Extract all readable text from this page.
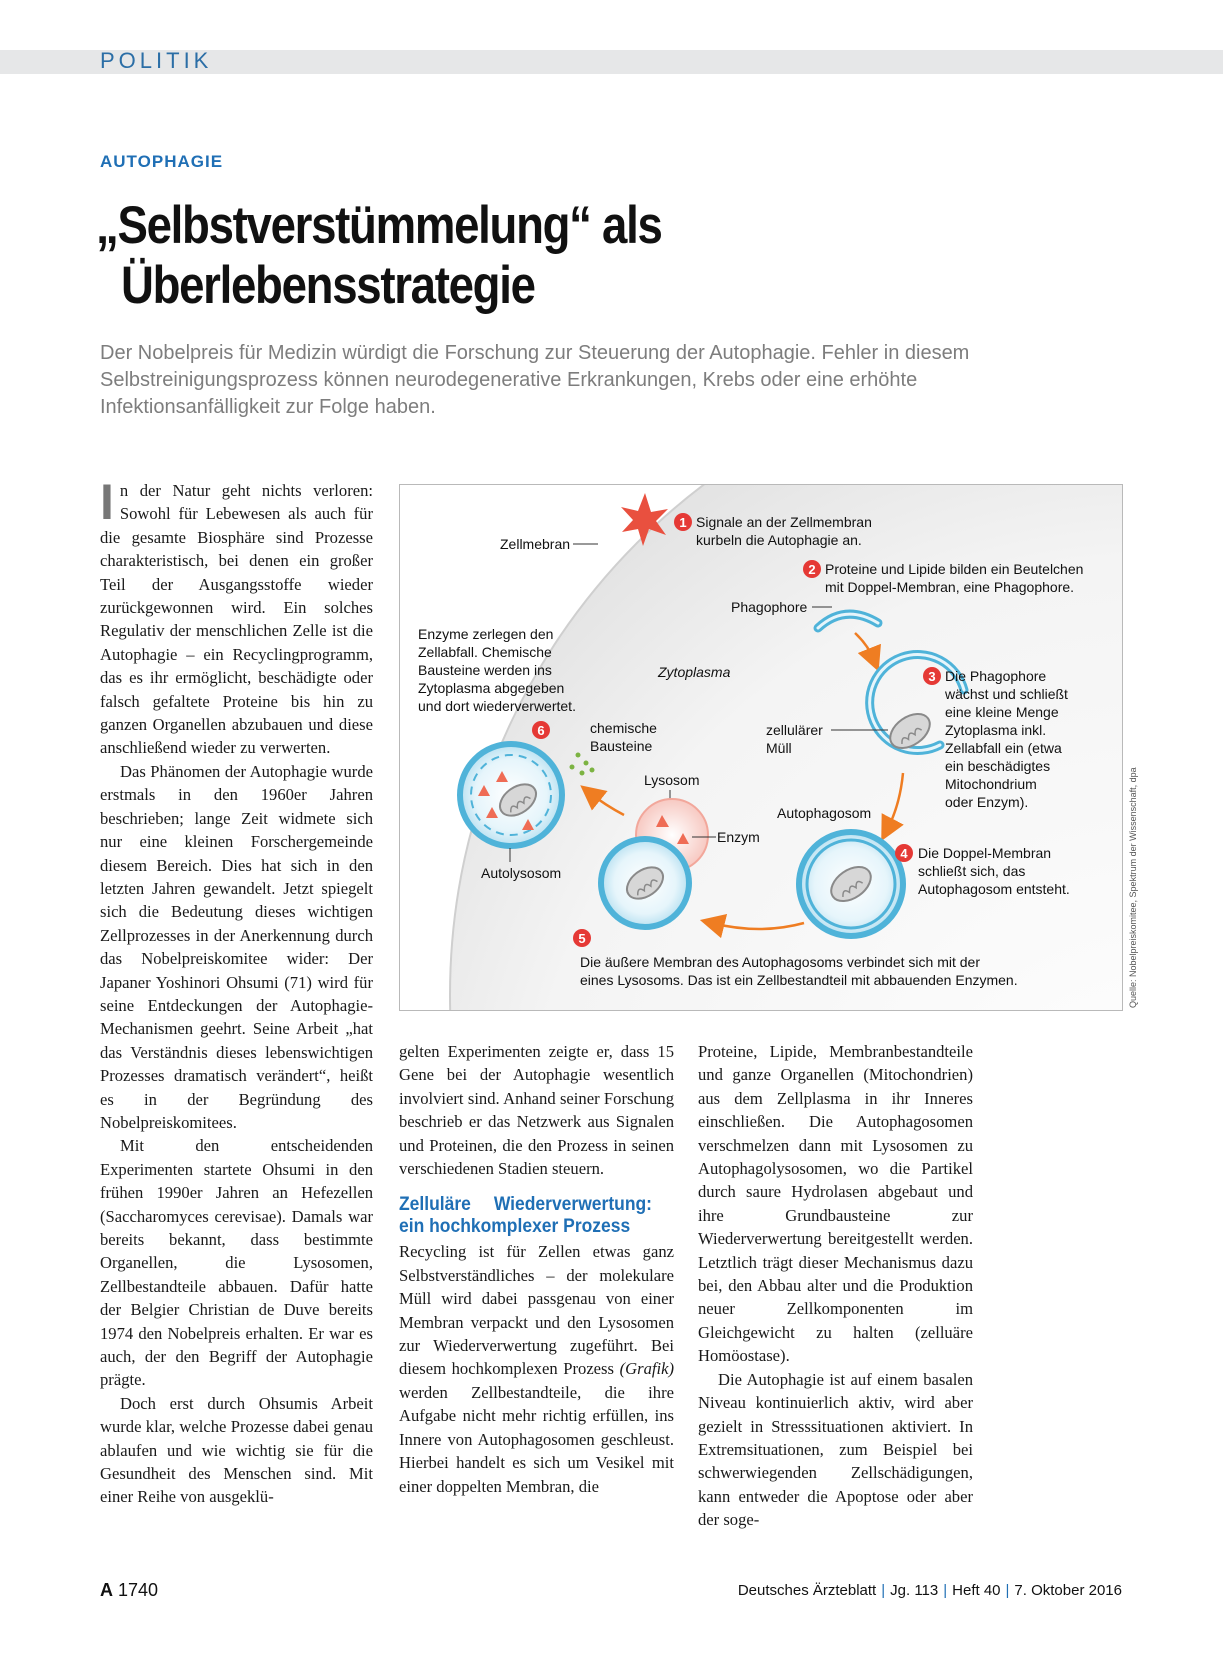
POLITIK
AUTOPHAGIE
„Selbstverstümmelung“ als
Überlebensstrategie
Der Nobelpreis für Medizin würdigt die Forschung zur Steuerung der Autophagie. Fehler in diesem Selbstreinigungsprozess können neurodegenerative Erkrankungen, Krebs oder eine erhöhte Infektionsanfälligkeit zur Folge haben.

In der Natur geht nichts verloren: Sowohl für Lebewesen als auch für die gesamte Biosphäre sind Prozesse charakteristisch, bei denen ein großer Teil der Ausgangsstoffe wieder zurückgewonnen wird. Ein solches Regulativ der menschlichen Zelle ist die Autophagie – ein Recyclingprogramm, das es ihr ermöglicht, beschädigte oder falsch gefaltete Proteine bis hin zu ganzen Organellen abzubauen und diese anschließend wieder zu verwerten.

Das Phänomen der Autophagie wurde erstmals in den 1960er Jahren beschrieben; lange Zeit widmete sich nur eine kleinen Forschergemeinde diesem Bereich. Dies hat sich in den letzten Jahren gewandelt. Jetzt spiegelt sich die Bedeutung dieses wichtigen Zellprozesses in der Anerkennung durch das Nobelpreiskomitee wider: Der Japaner Yoshinori Ohsumi (71) wird für seine Entdeckungen der Autophagie-Mechanismen geehrt. Seine Arbeit „hat das Verständnis dieses lebenswichtigen Prozesses dramatisch verändert“, heißt es in der Begründung des Nobelpreiskomitees.

Mit den entscheidenden Experimenten startete Ohsumi in den frühen 1990er Jahren an Hefezellen (Saccharomyces cerevisae). Damals war bereits bekannt, dass bestimmte Organellen, die Lysosomen, Zellbestandteile abbauen. Dafür hatte der Belgier Christian de Duve bereits 1974 den Nobelpreis erhalten. Er war es auch, der den Begriff der Autophagie prägte.

Doch erst durch Ohsumis Arbeit wurde klar, welche Prozesse dabei genau ablaufen und wie wichtig sie für die Gesundheit des Menschen sind. Mit einer Reihe von ausgeklü-

gelten Experimenten zeigte er, dass 15 Gene bei der Autophagie wesentlich involviert sind. Anhand seiner Forschung beschrieb er das Netzwerk aus Signalen und Proteinen, die den Prozess in seinen verschiedenen Stadien steuern.

Zelluläre Wiederverwertung: ein hochkomplexer Prozess

Recycling ist für Zellen etwas ganz Selbstverständliches – der molekulare Müll wird dabei passgenau von einer Membran verpackt und den Lysosomen zur Wiederverwertung zugeführt. Bei diesem hochkomplexen Prozess (Grafik) werden Zellbestandteile, die ihre Aufgabe nicht mehr richtig erfüllen, ins Innere von Autophagosomen geschleust. Hierbei handelt es sich um Vesikel mit einer doppelten Membran, die

Proteine, Lipide, Membranbestandteile und ganze Organellen (Mitochondrien) aus dem Zellplasma in ihr Inneres einschließen. Die Autophagosomen verschmelzen dann mit Lysosomen zu Autophagolysosomen, wo die Partikel durch saure Hydrolasen abgebaut und ihre Grundbausteine zur Wiederverwertung bereitgestellt werden. Letztlich trägt dieser Mechanismus dazu bei, den Abbau alter und die Produktion neuer Zellkomponenten im Gleichgewicht zu halten (zelluäre Homöostase).

Die Autophagie ist auf einem basalen Niveau kontinuierlich aktiv, wird aber gezielt in Stresssituationen aktiviert. In Extremsituationen, zum Beispiel bei schwerwiegenden Zellschädigungen, kann entweder die Apoptose oder aber der soge-

1 Signale an der Zellmembran
kurbeln die Autophagie an.
Zellmebran
2 Proteine und Lipide bilden ein Beutelchen
mit Doppel-Membran, eine Phagophore.
Phagophore
Enzyme zerlegen den
Zellabfall. Chemische
Bausteine werden ins
Zytoplasma abgegeben
und dort wiederverwertet.
Zytoplasma	3 Die Phagophore
wächst und schließt
eine kleine Menge
Zytoplasma inkl.
Zellabfall ein (etwa
ein beschädigtes
Mitochondrium
oder Enzym).
zellulärer
Müll
Autophagosom
4 Die Doppel-Membran
schließt sich, das
Autophagosom entsteht.
Lysosom
Enzym
Autolysosom
6	chemische
Bausteine
5
Die äußere Membran des Autophagosoms verbindet sich mit der
eines Lysosoms. Das ist ein Zellbestandteil mit abbauenden Enzymen.	Quelle: Nobelpreiskomitee, Spektrum der Wissenschaft, dpa
A 1740	Deutsches Ärzteblatt | Jg. 113 | Heft 40 | 7. Oktober 2016
